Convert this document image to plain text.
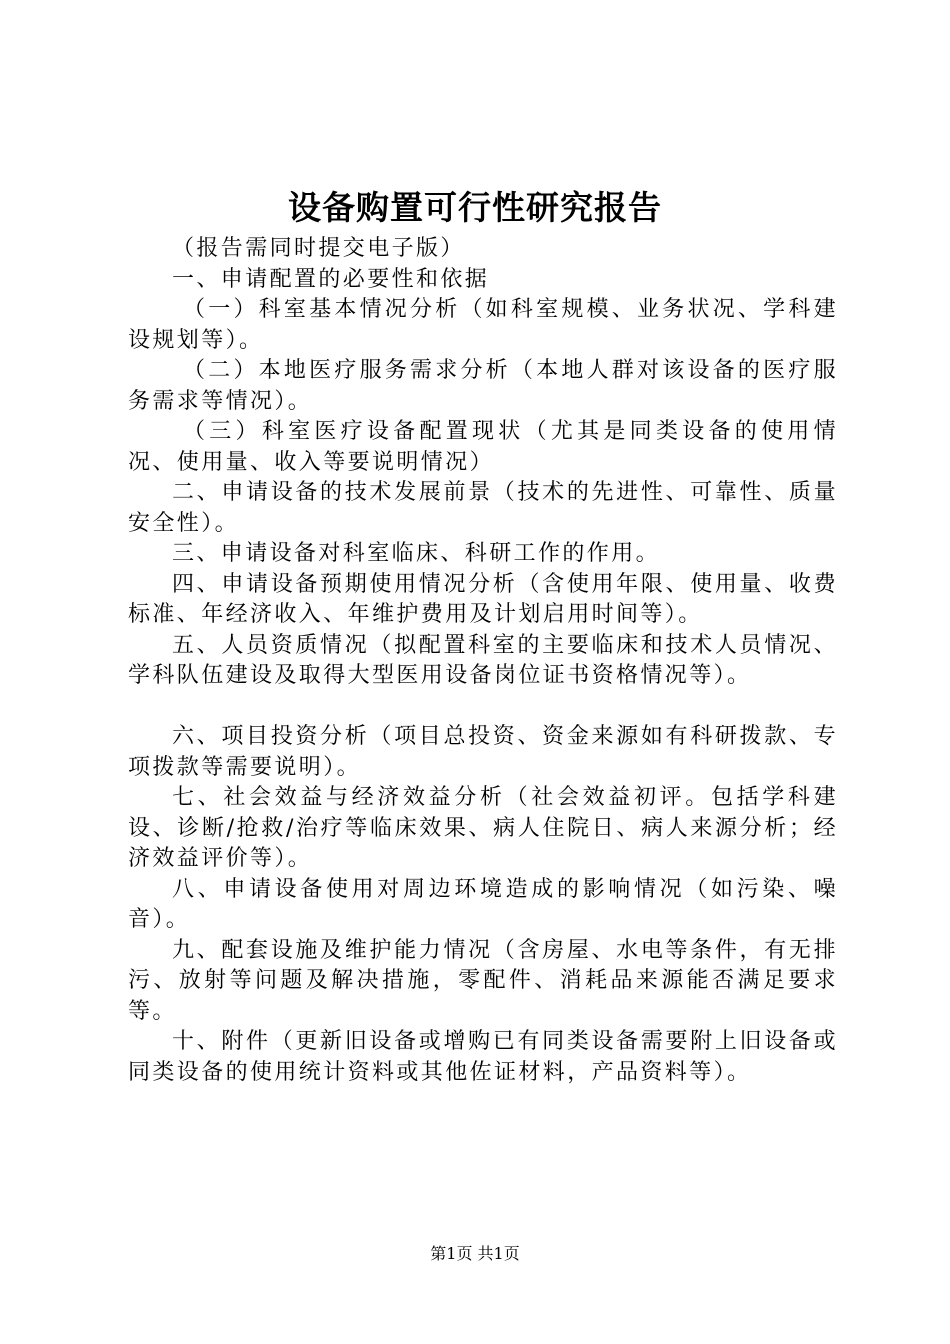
设备购置可行性研究报告

（报告需同时提交电子版）

一、申请配置的必要性和依据

（一）科室基本情况分析（如科室规模、业务状况、学科建设规划等）。

（二）本地医疗服务需求分析（本地人群对该设备的医疗服务需求等情况）。

（三）科室医疗设备配置现状（尤其是同类设备的使用情况、使用量、收入等要说明情况）

二、申请设备的技术发展前景（技术的先进性、可靠性、质量安全性）。

三、申请设备对科室临床、科研工作的作用。

四、申请设备预期使用情况分析（含使用年限、使用量、收费标准、年经济收入、年维护费用及计划启用时间等）。

五、人员资质情况（拟配置科室的主要临床和技术人员情况、学科队伍建设及取得大型医用设备岗位证书资格情况等）。

六、项目投资分析（项目总投资、资金来源如有科研拨款、专项拨款等需要说明）。

七、社会效益与经济效益分析（社会效益初评。包括学科建设、诊断/抢救/治疗等临床效果、病人住院日、病人来源分析；经济效益评价等）。

八、申请设备使用对周边环境造成的影响情况（如污染、噪音）。

九、配套设施及维护能力情况（含房屋、水电等条件，有无排污、放射等问题及解决措施，零配件、消耗品来源能否满足要求等。

十、附件（更新旧设备或增购已有同类设备需要附上旧设备或同类设备的使用统计资料或其他佐证材料，产品资料等）。

第1页 共1页
